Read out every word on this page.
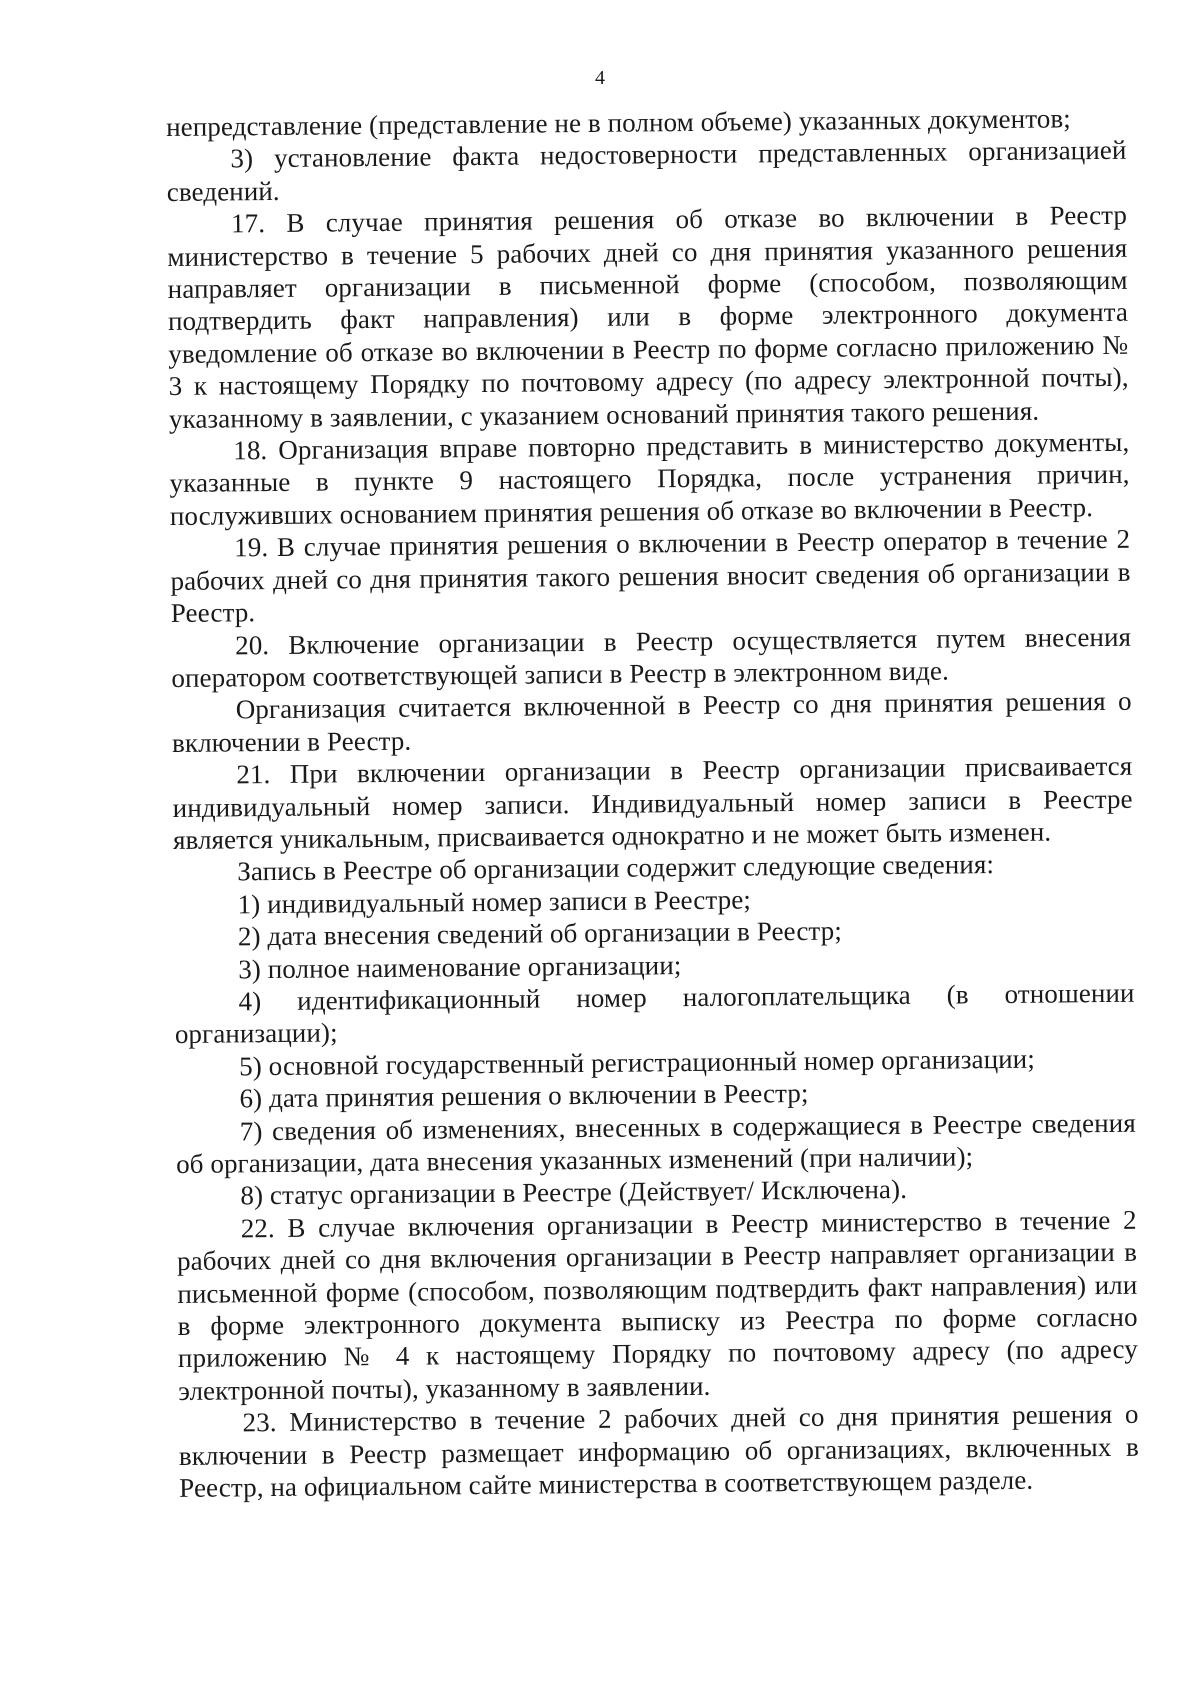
4

непредставление (представление не в полном объеме) указанных документов;

3) установление факта недостоверности представленных организацией сведений.

17. В случае принятия решения об отказе во включении в Реестр министерство в течение 5 рабочих дней со дня принятия указанного решения направляет организации в письменной форме (способом, позволяющим подтвердить факт направления) или в форме электронного документа уведомление об отказе во включении в Реестр по форме согласно приложению № 3 к настоящему Порядку по почтовому адресу (по адресу электронной почты), указанному в заявлении, с указанием оснований принятия такого решения.

18. Организация вправе повторно представить в министерство документы, указанные в пункте 9 настоящего Порядка, после устранения причин, послуживших основанием принятия решения об отказе во включении в Реестр.

19. В случае принятия решения о включении в Реестр оператор в течение 2 рабочих дней со дня принятия такого решения вносит сведения об организации в Реестр.

20. Включение организации в Реестр осуществляется путем внесения оператором соответствующей записи в Реестр в электронном виде.

Организация считается включенной в Реестр со дня принятия решения о включении в Реестр.

21. При включении организации в Реестр организации присваивается индивидуальный номер записи. Индивидуальный номер записи в Реестре является уникальным, присваивается однократно и не может быть изменен.

Запись в Реестре об организации содержит следующие сведения:

1) индивидуальный номер записи в Реестре;

2) дата внесения сведений об организации в Реестр;

3) полное наименование организации;

4) идентификационный номер налогоплательщика (в отношении организации);

5) основной государственный регистрационный номер организации;

6) дата принятия решения о включении в Реестр;

7) сведения об изменениях, внесенных в содержащиеся в Реестре сведения об организации, дата внесения указанных изменений (при наличии);

8) статус организации в Реестре (Действует/ Исключена).

22. В случае включения организации в Реестр министерство в течение 2 рабочих дней со дня включения организации в Реестр направляет организации в письменной форме (способом, позволяющим подтвердить факт направления) или в форме электронного документа выписку из Реестра по форме согласно приложению № 4 к настоящему Порядку по почтовому адресу (по адресу электронной почты), указанному в заявлении.

23. Министерство в течение 2 рабочих дней со дня принятия решения о включении в Реестр размещает информацию об организациях, включенных в Реестр, на официальном сайте министерства в соответствующем разделе.
